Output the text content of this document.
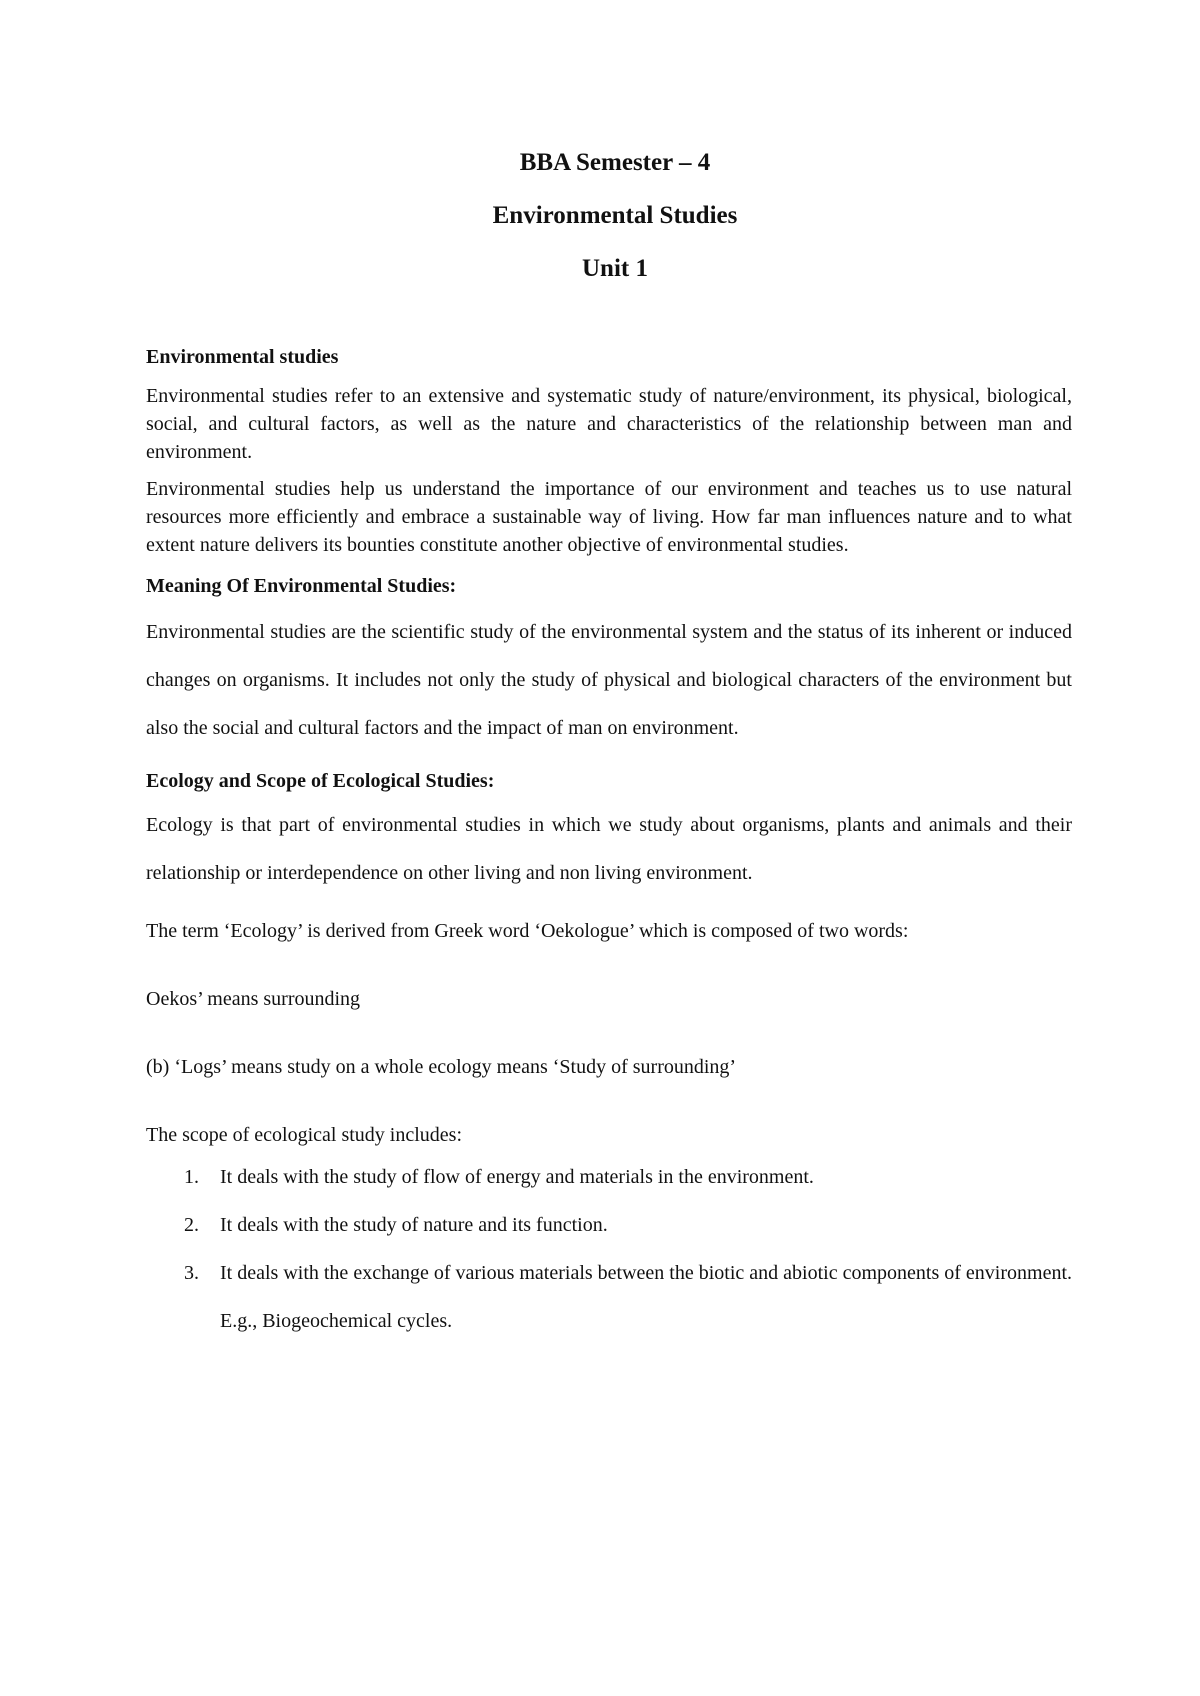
BBA Semester – 4

Environmental Studies

Unit 1

Environmental studies

Environmental studies refer to an extensive and systematic study of nature/environment, its physical, biological, social, and cultural factors, as well as the nature and characteristics of the relationship between man and environment.

Environmental studies help us understand the importance of our environment and teaches us to use natural resources more efficiently and embrace a sustainable way of living. How far man influences nature and to what extent nature delivers its bounties constitute another objective of environmental studies.

Meaning Of Environmental Studies:

Environmental studies are the scientific study of the environmental system and the status of its inherent or induced changes on organisms. It includes not only the study of physical and biological characters of the environment but also the social and cultural factors and the impact of man on environment.

Ecology and Scope of Ecological Studies:

Ecology is that part of environmental studies in which we study about organisms, plants and animals and their relationship or interdependence on other living and non living environment.

The term ‘Ecology’ is derived from Greek word ‘Oekologue’ which is composed of two words:

Oekos’ means surrounding

(b) ‘Logs’ means study on a whole ecology means ‘Study of surrounding’

The scope of ecological study includes:

1. It deals with the study of flow of energy and materials in the environment.
2. It deals with the study of nature and its function.
3. It deals with the exchange of various materials between the biotic and abiotic components of environment. E.g., Biogeochemical cycles.
